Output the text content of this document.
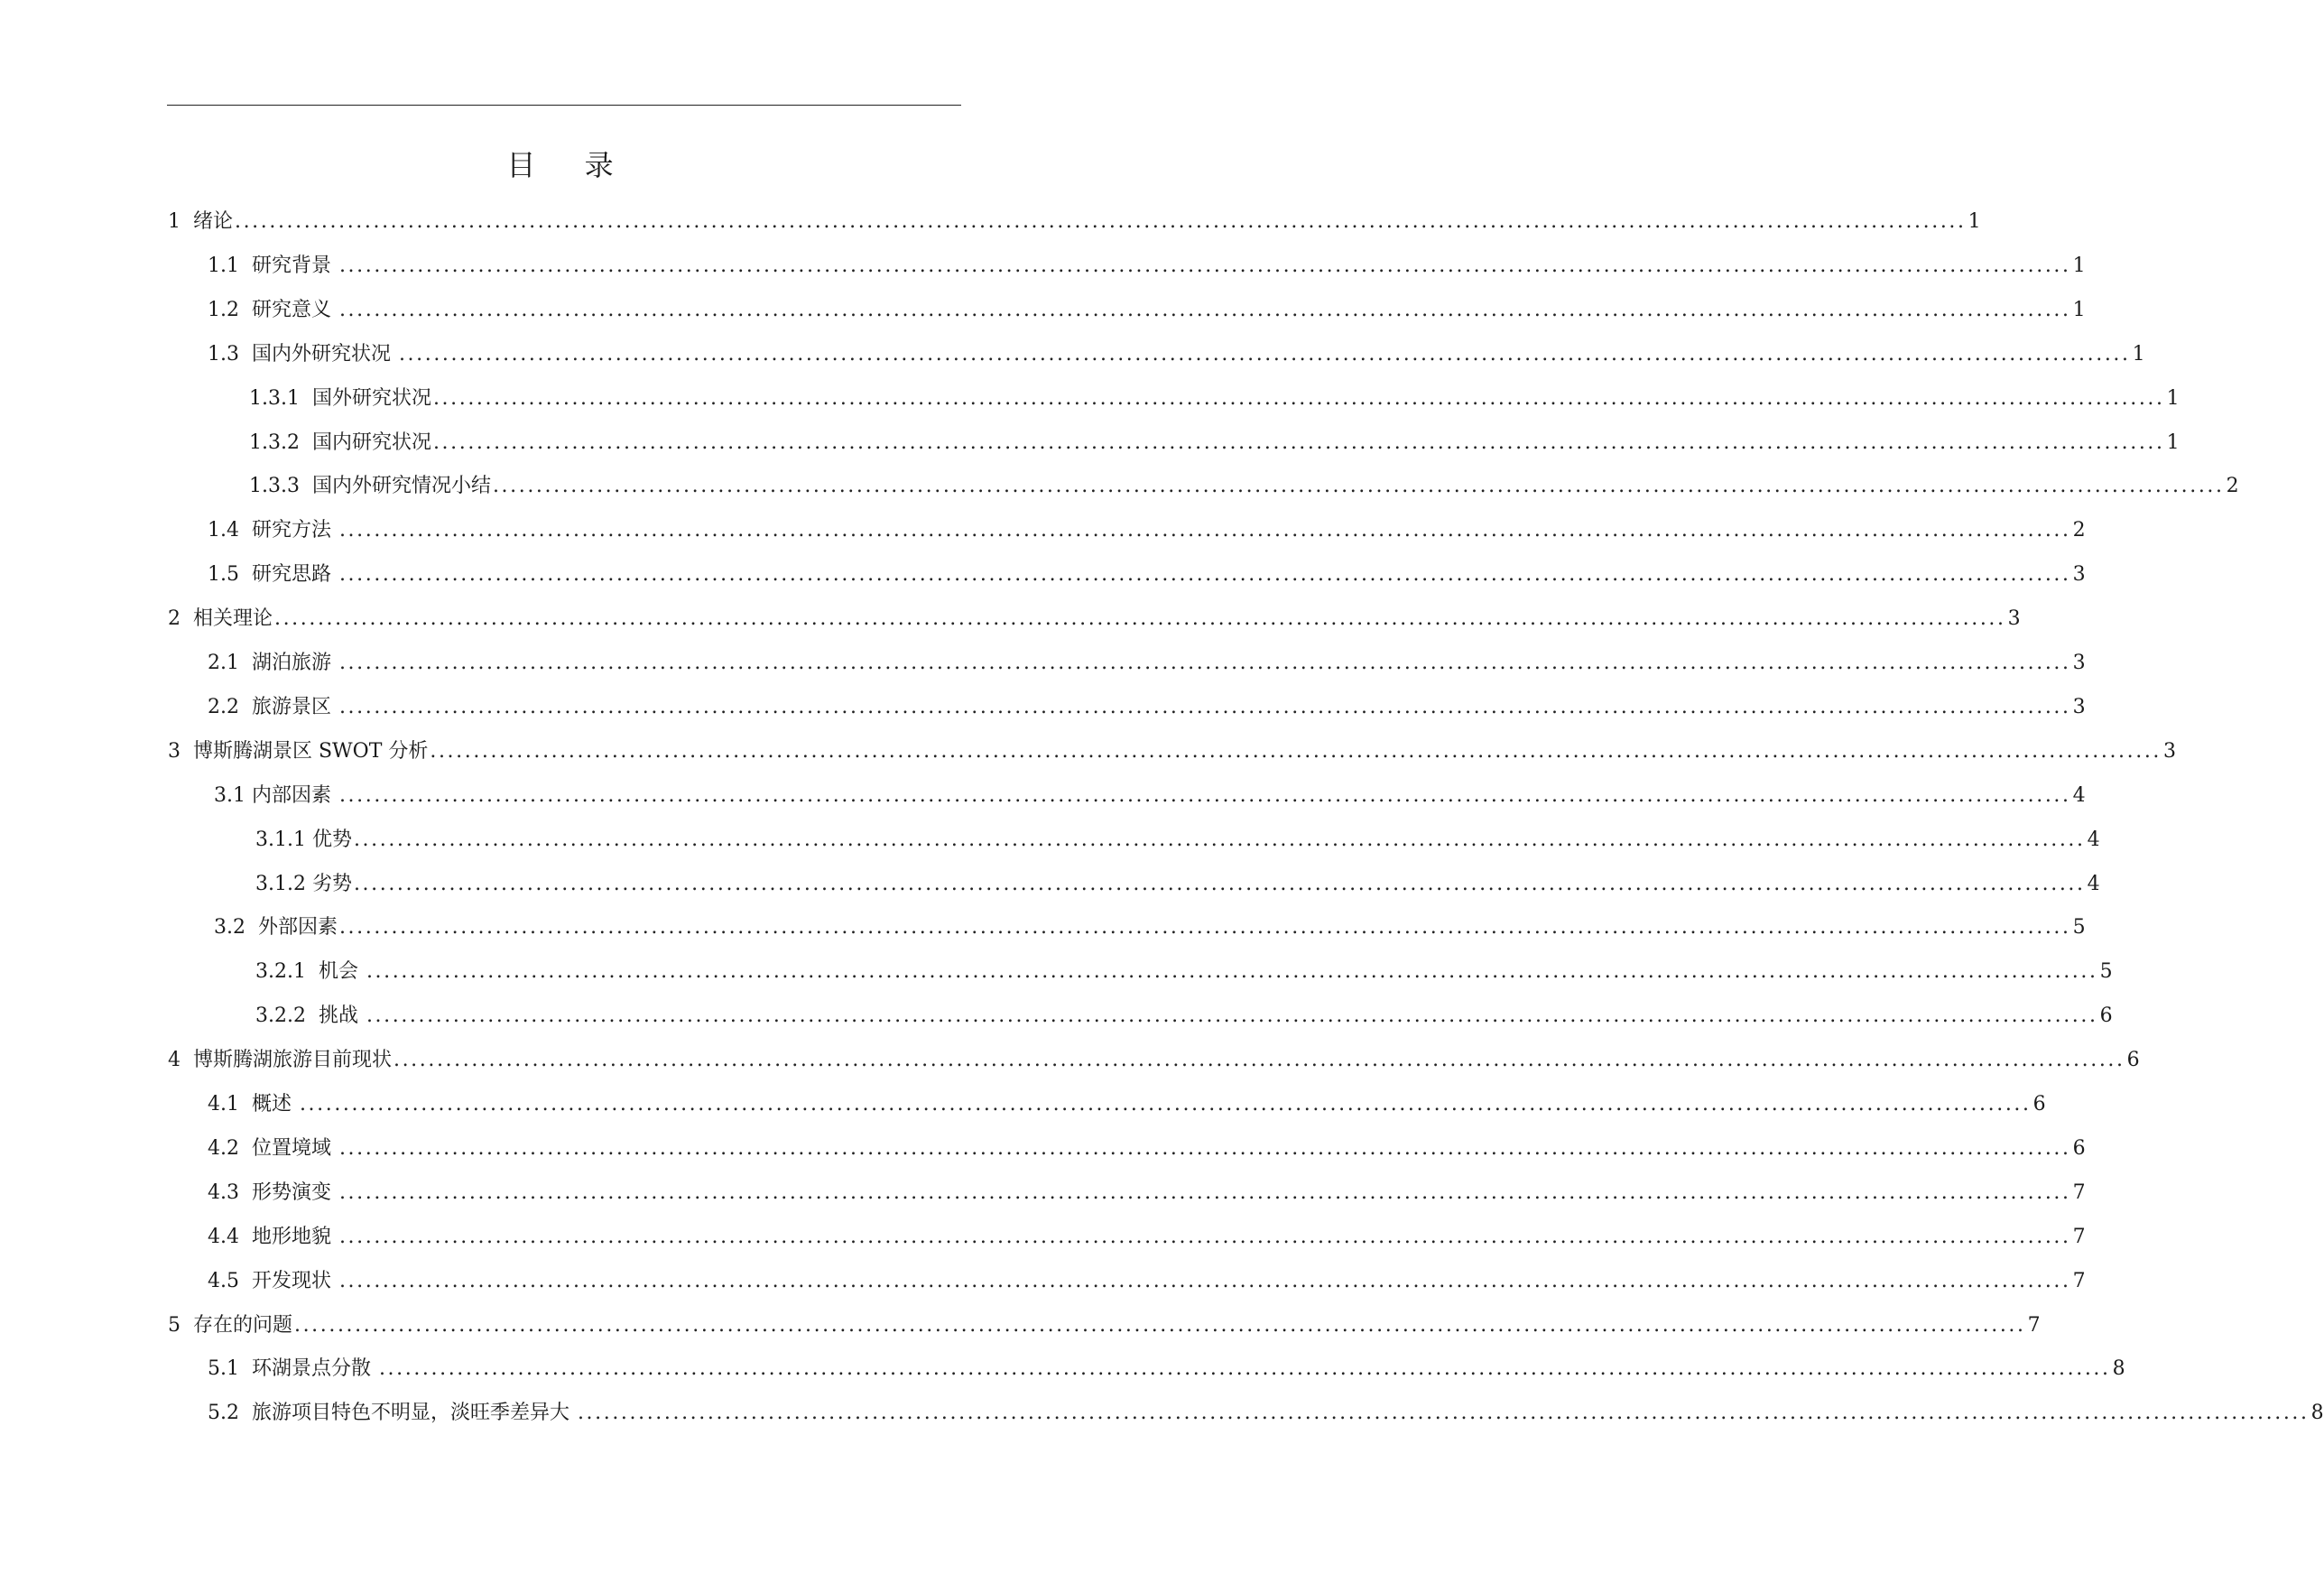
目 录
1  绪论 ........................................................................................................................................................................................................ 1
1.1  研究背景 ........................................................................................................................................................................................................ 1
1.2  研究意义 ........................................................................................................................................................................................................ 1
1.3  国内外研究状况 ........................................................................................................................................................................................................ 1
1.3.1  国外研究状况 ........................................................................................................................................................................................................ 1
1.3.2  国内研究状况 ........................................................................................................................................................................................................ 1
1.3.3  国内外研究情况小结 ........................................................................................................................................................................................................ 2
1.4  研究方法 ........................................................................................................................................................................................................ 2
1.5  研究思路 ........................................................................................................................................................................................................ 3
2  相关理论 ........................................................................................................................................................................................................ 3
2.1  湖泊旅游 ........................................................................................................................................................................................................ 3
2.2  旅游景区 ........................................................................................................................................................................................................ 3
3  博斯腾湖景区 SWOT 分析 ........................................................................................................................................................................................................ 3
3.1 内部因素 ........................................................................................................................................................................................................ 4
3.1.1 优势 ........................................................................................................................................................................................................ 4
3.1.2 劣势 ........................................................................................................................................................................................................ 4
3.2  外部因素 ........................................................................................................................................................................................................ 5
3.2.1  机会 ........................................................................................................................................................................................................ 5
3.2.2  挑战 ........................................................................................................................................................................................................ 6
4  博斯腾湖旅游目前现状 ........................................................................................................................................................................................................ 6
4.1  概述 ........................................................................................................................................................................................................ 6
4.2  位置境域 ........................................................................................................................................................................................................ 6
4.3  形势演变 ........................................................................................................................................................................................................ 7
4.4  地形地貌 ........................................................................................................................................................................................................ 7
4.5  开发现状 ........................................................................................................................................................................................................ 7
5  存在的问题 ........................................................................................................................................................................................................ 7
5.1  环湖景点分散 ........................................................................................................................................................................................................ 8
5.2  旅游项目特色不明显，淡旺季差异大 ........................................................................................................................................................................................................ 8
